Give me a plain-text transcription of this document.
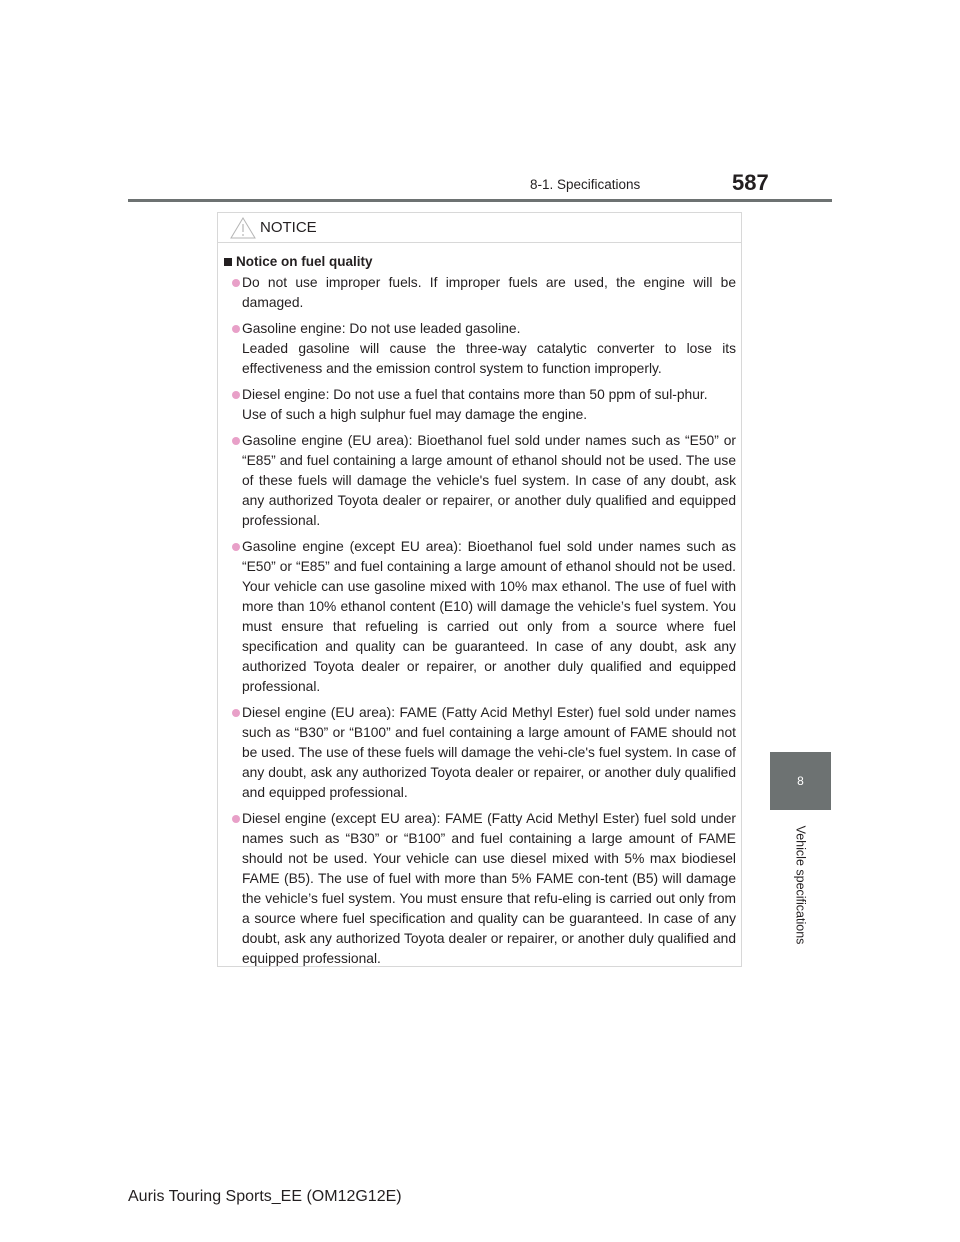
587
8-1. Specifications
8
Vehicle specifications
NOTICE
Notice on fuel quality

Do not use improper fuels. If improper fuels are used, the engine will be damaged.

Gasoline engine: Do not use leaded gasoline.

Leaded gasoline will cause the three-way catalytic converter to lose its effectiveness and the emission control system to function improperly.

Diesel engine: Do not use a fuel that contains more than 50 ppm of sul-phur.

Use of such a high sulphur fuel may damage the engine.

Gasoline engine (EU area): Bioethanol fuel sold under names such as “E50” or “E85” and fuel containing a large amount of ethanol should not be used. The use of these fuels will damage the vehicle's fuel system. In case of any doubt, ask any authorized Toyota dealer or repairer, or another duly qualified and equipped professional.

Gasoline engine (except EU area): Bioethanol fuel sold under names such as “E50” or “E85” and fuel containing a large amount of ethanol should not be used. Your vehicle can use gasoline mixed with 10% max ethanol. The use of fuel with more than 10% ethanol content (E10) will damage the vehicle’s fuel system. You must ensure that refueling is carried out only from a source where fuel specification and quality can be guaranteed. In case of any doubt, ask any authorized Toyota dealer or repairer, or another duly qualified and equipped professional.

Diesel engine (EU area): FAME (Fatty Acid Methyl Ester) fuel sold under names such as “B30” or “B100” and fuel containing a large amount of FAME should not be used. The use of these fuels will damage the vehi-cle's fuel system. In case of any doubt, ask any authorized Toyota dealer or repairer, or another duly qualified and equipped professional.

Diesel engine (except EU area): FAME (Fatty Acid Methyl Ester) fuel sold under names such as “B30” or “B100” and fuel containing a large amount of FAME should not be used. Your vehicle can use diesel mixed with 5% max biodiesel FAME (B5). The use of fuel with more than 5% FAME con-tent (B5) will damage the vehicle’s fuel system. You must ensure that refu-eling is carried out only from a source where fuel specification and quality can be guaranteed. In case of any doubt, ask any authorized Toyota dealer or repairer, or another duly qualified and equipped professional.

Auris Touring Sports_EE (OM12G12E)
